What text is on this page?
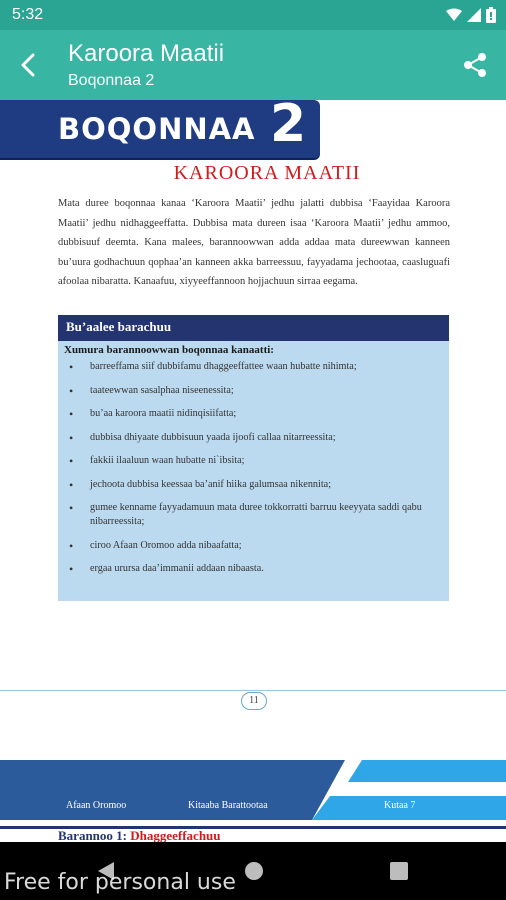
5:32
Karoora Maatii
Boqonnaa 2
BOQONNAA 2
KAROORA MAATII

Mata duree boqonnaa kanaa ‘Karoora Maatii’ jedhu jalatti dubbisa ‘Faayidaa Karoora Maatii’ jedhu nidhaggeeffatta. Dubbisa mata dureen isaa ‘Karoora Maatii’ jedhu ammoo, dubbisuuf deemta. Kana malees, barannoowwan adda addaa mata dureewwan kanneen bu’uura godhachuun qophaa’an kanneen akka barreessuu, fayyadama jechootaa, caasluguafi afoolaa nibaratta. Kanaafuu, xiyyeeffannoon hojjachuun sirraa eegama.

Bu’aalee barachuu
Xumura barannoowwan boqonnaa kanaatti:
• barreeffama siif dubbifamu dhaggeeffattee waan hubatte nihimta;
• taateewwan sasalphaa niseenessita;
• bu’aa karoora maatii nidinqisiifatta;
• dubbisa dhiyaate dubbisuun yaada ijoofi callaa nitarreessita;
• fakkii ilaaluun waan hubatte ni`ibsita;
• jechoota dubbisa keessaa ba’anif hiika galumsaa nikennita;
• gumee kenname fayyadamuun mata duree tokkorratti barruu keeyyata saddi qabu nibarreessita;
• ciroo Afaan Oromoo adda nibaafatta;
• ergaa urursa daa’immanii addaan nibaasta.
11
Afaan Oromoo	Kitaaba Barattootaa	Kutaa 7
Barannoo 1: Dhaggeeffachuu
Free for personal use
